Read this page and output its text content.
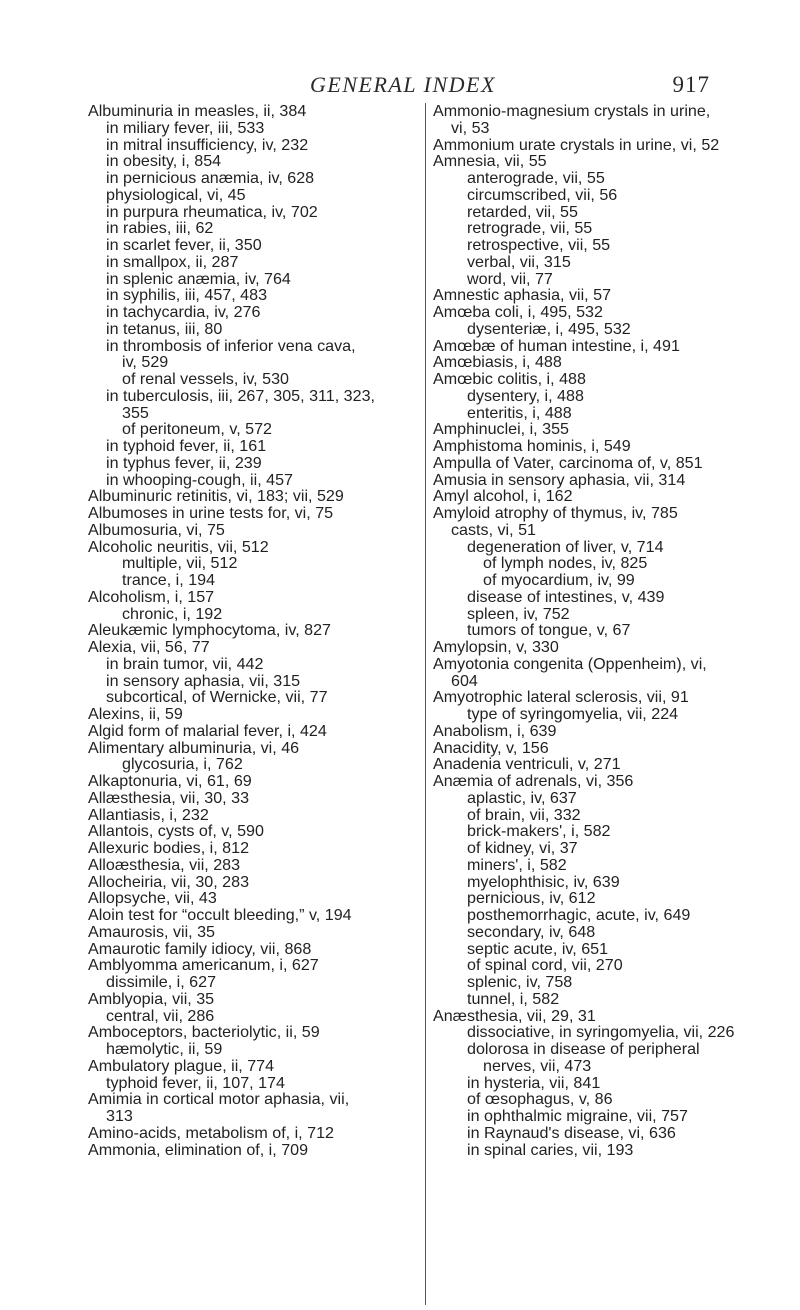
GENERAL INDEX	917
Albuminuria in measles, ii, 384
in miliary fever, iii, 533
in mitral insufficiency, iv, 232
in obesity, i, 854
in pernicious anæmia, iv, 628
physiological, vi, 45
in purpura rheumatica, iv, 702
in rabies, iii, 62
in scarlet fever, ii, 350
in smallpox, ii, 287
in splenic anæmia, iv, 764
in syphilis, iii, 457, 483
in tachycardia, iv, 276
in tetanus, iii, 80
in thrombosis of inferior vena cava,
iv, 529
of renal vessels, iv, 530
in tuberculosis, iii, 267, 305, 311, 323,
355
of peritoneum, v, 572
in typhoid fever, ii, 161
in typhus fever, ii, 239
in whooping-cough, ii, 457
Albuminuric retinitis, vi, 183; vii, 529
Albumoses in urine tests for, vi, 75
Albumosuria, vi, 75
Alcoholic neuritis, vii, 512
multiple, vii, 512
trance, i, 194
Alcoholism, i, 157
chronic, i, 192
Aleukæmic lymphocytoma, iv, 827
Alexia, vii, 56, 77
in brain tumor, vii, 442
in sensory aphasia, vii, 315
subcortical, of Wernicke, vii, 77
Alexins, ii, 59
Algid form of malarial fever, i, 424
Alimentary albuminuria, vi, 46
glycosuria, i, 762
Alkaptonuria, vi, 61, 69
Allæsthesia, vii, 30, 33
Allantiasis, i, 232
Allantois, cysts of, v, 590
Allexuric bodies, i, 812
Alloæsthesia, vii, 283
Allocheiria, vii, 30, 283
Allopsyche, vii, 43
Aloin test for “occult bleeding,” v, 194
Amaurosis, vii, 35
Amaurotic family idiocy, vii, 868
Amblyomma americanum, i, 627
dissimile, i, 627
Amblyopia, vii, 35
central, vii, 286
Amboceptors, bacteriolytic, ii, 59
hæmolytic, ii, 59
Ambulatory plague, ii, 774
typhoid fever, ii, 107, 174
Amimia in cortical motor aphasia, vii,
313
Amino-acids, metabolism of, i, 712
Ammonia, elimination of, i, 709
Ammonio-magnesium crystals in urine,
vi, 53
Ammonium urate crystals in urine, vi, 52
Amnesia, vii, 55
anterograde, vii, 55
circumscribed, vii, 56
retarded, vii, 55
retrograde, vii, 55
retrospective, vii, 55
verbal, vii, 315
word, vii, 77
Amnestic aphasia, vii, 57
Amœba coli, i, 495, 532
dysenteriæ, i, 495, 532
Amœbæ of human intestine, i, 491
Amœbiasis, i, 488
Amœbic colitis, i, 488
dysentery, i, 488
enteritis, i, 488
Amphinuclei, i, 355
Amphistoma hominis, i, 549
Ampulla of Vater, carcinoma of, v, 851
Amusia in sensory aphasia, vii, 314
Amyl alcohol, i, 162
Amyloid atrophy of thymus, iv, 785
casts, vi, 51
degeneration of liver, v, 714
of lymph nodes, iv, 825
of myocardium, iv, 99
disease of intestines, v, 439
spleen, iv, 752
tumors of tongue, v, 67
Amylopsin, v, 330
Amyotonia congenita (Oppenheim), vi,
604
Amyotrophic lateral sclerosis, vii, 91
type of syringomyelia, vii, 224
Anabolism, i, 639
Anacidity, v, 156
Anadenia ventriculi, v, 271
Anæmia of adrenals, vi, 356
aplastic, iv, 637
of brain, vii, 332
brick-makers', i, 582
of kidney, vi, 37
miners', i, 582
myelophthisic, iv, 639
pernicious, iv, 612
posthemorrhagic, acute, iv, 649
secondary, iv, 648
septic acute, iv, 651
of spinal cord, vii, 270
splenic, iv, 758
tunnel, i, 582
Anæsthesia, vii, 29, 31
dissociative, in syringomyelia, vii, 226
dolorosa in disease of peripheral
nerves, vii, 473
in hysteria, vii, 841
of œsophagus, v, 86
in ophthalmic migraine, vii, 757
in Raynaud's disease, vi, 636
in spinal caries, vii, 193
